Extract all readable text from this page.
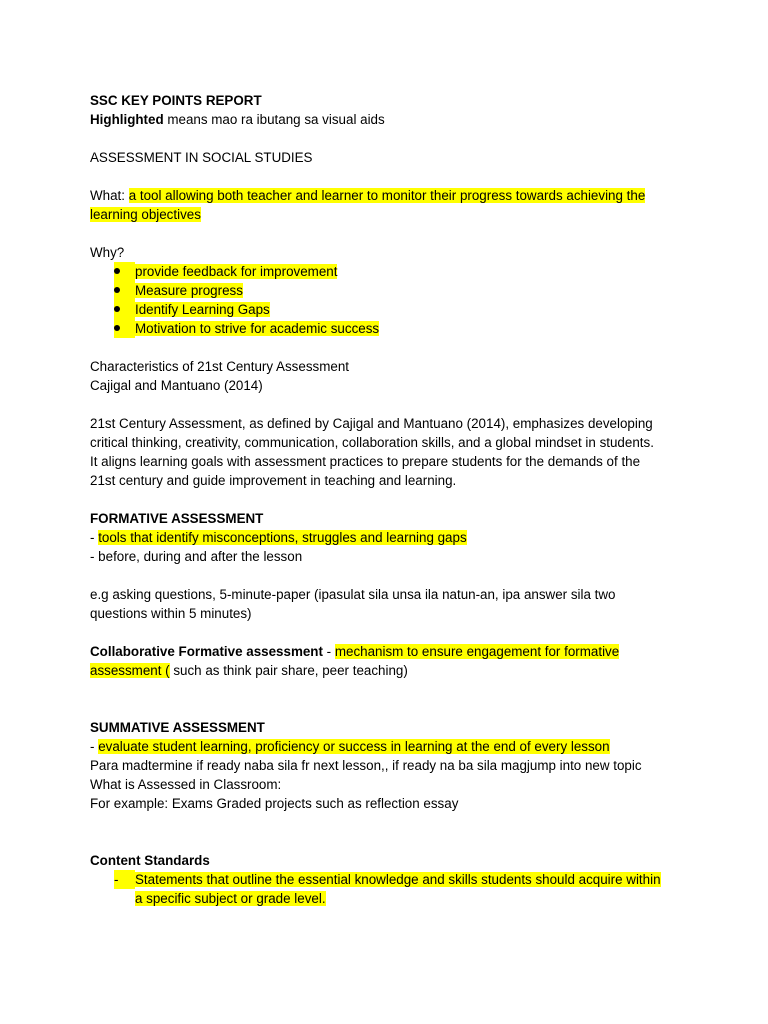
SSC KEY POINTS REPORT

Highlighted means mao ra ibutang sa visual aids

ASSESSMENT IN SOCIAL STUDIES

What: a tool allowing both teacher and learner to monitor their progress towards achieving the

learning objectives

Why?

provide feedback for improvement
Measure progress
Identify Learning Gaps
Motivation to strive for academic success

Characteristics of 21st Century Assessment

Cajigal and Mantuano (2014)

21st Century Assessment, as defined by Cajigal and Mantuano (2014), emphasizes developing

critical thinking, creativity, communication, collaboration skills, and a global mindset in students.

It aligns learning goals with assessment practices to prepare students for the demands of the

21st century and guide improvement in teaching and learning.

FORMATIVE ASSESSMENT

- tools that identify misconceptions, struggles and learning gaps

- before, during and after the lesson

e.g asking questions, 5-minute-paper (ipasulat sila unsa ila natun-an, ipa answer sila two

questions within 5 minutes)

Collaborative Formative assessment - mechanism to ensure engagement for formative

assessment ( such as think pair share, peer teaching)

SUMMATIVE ASSESSMENT

- evaluate student learning, proficiency or success in learning at the end of every lesson

Para madtermine if ready naba sila fr next lesson,, if ready na ba sila magjump into new topic

What is Assessed in Classroom:

For example: Exams Graded projects such as reflection essay

Content Standards

-
Statements that outline the essential knowledge and skills students should acquire within
a specific subject or grade level.
